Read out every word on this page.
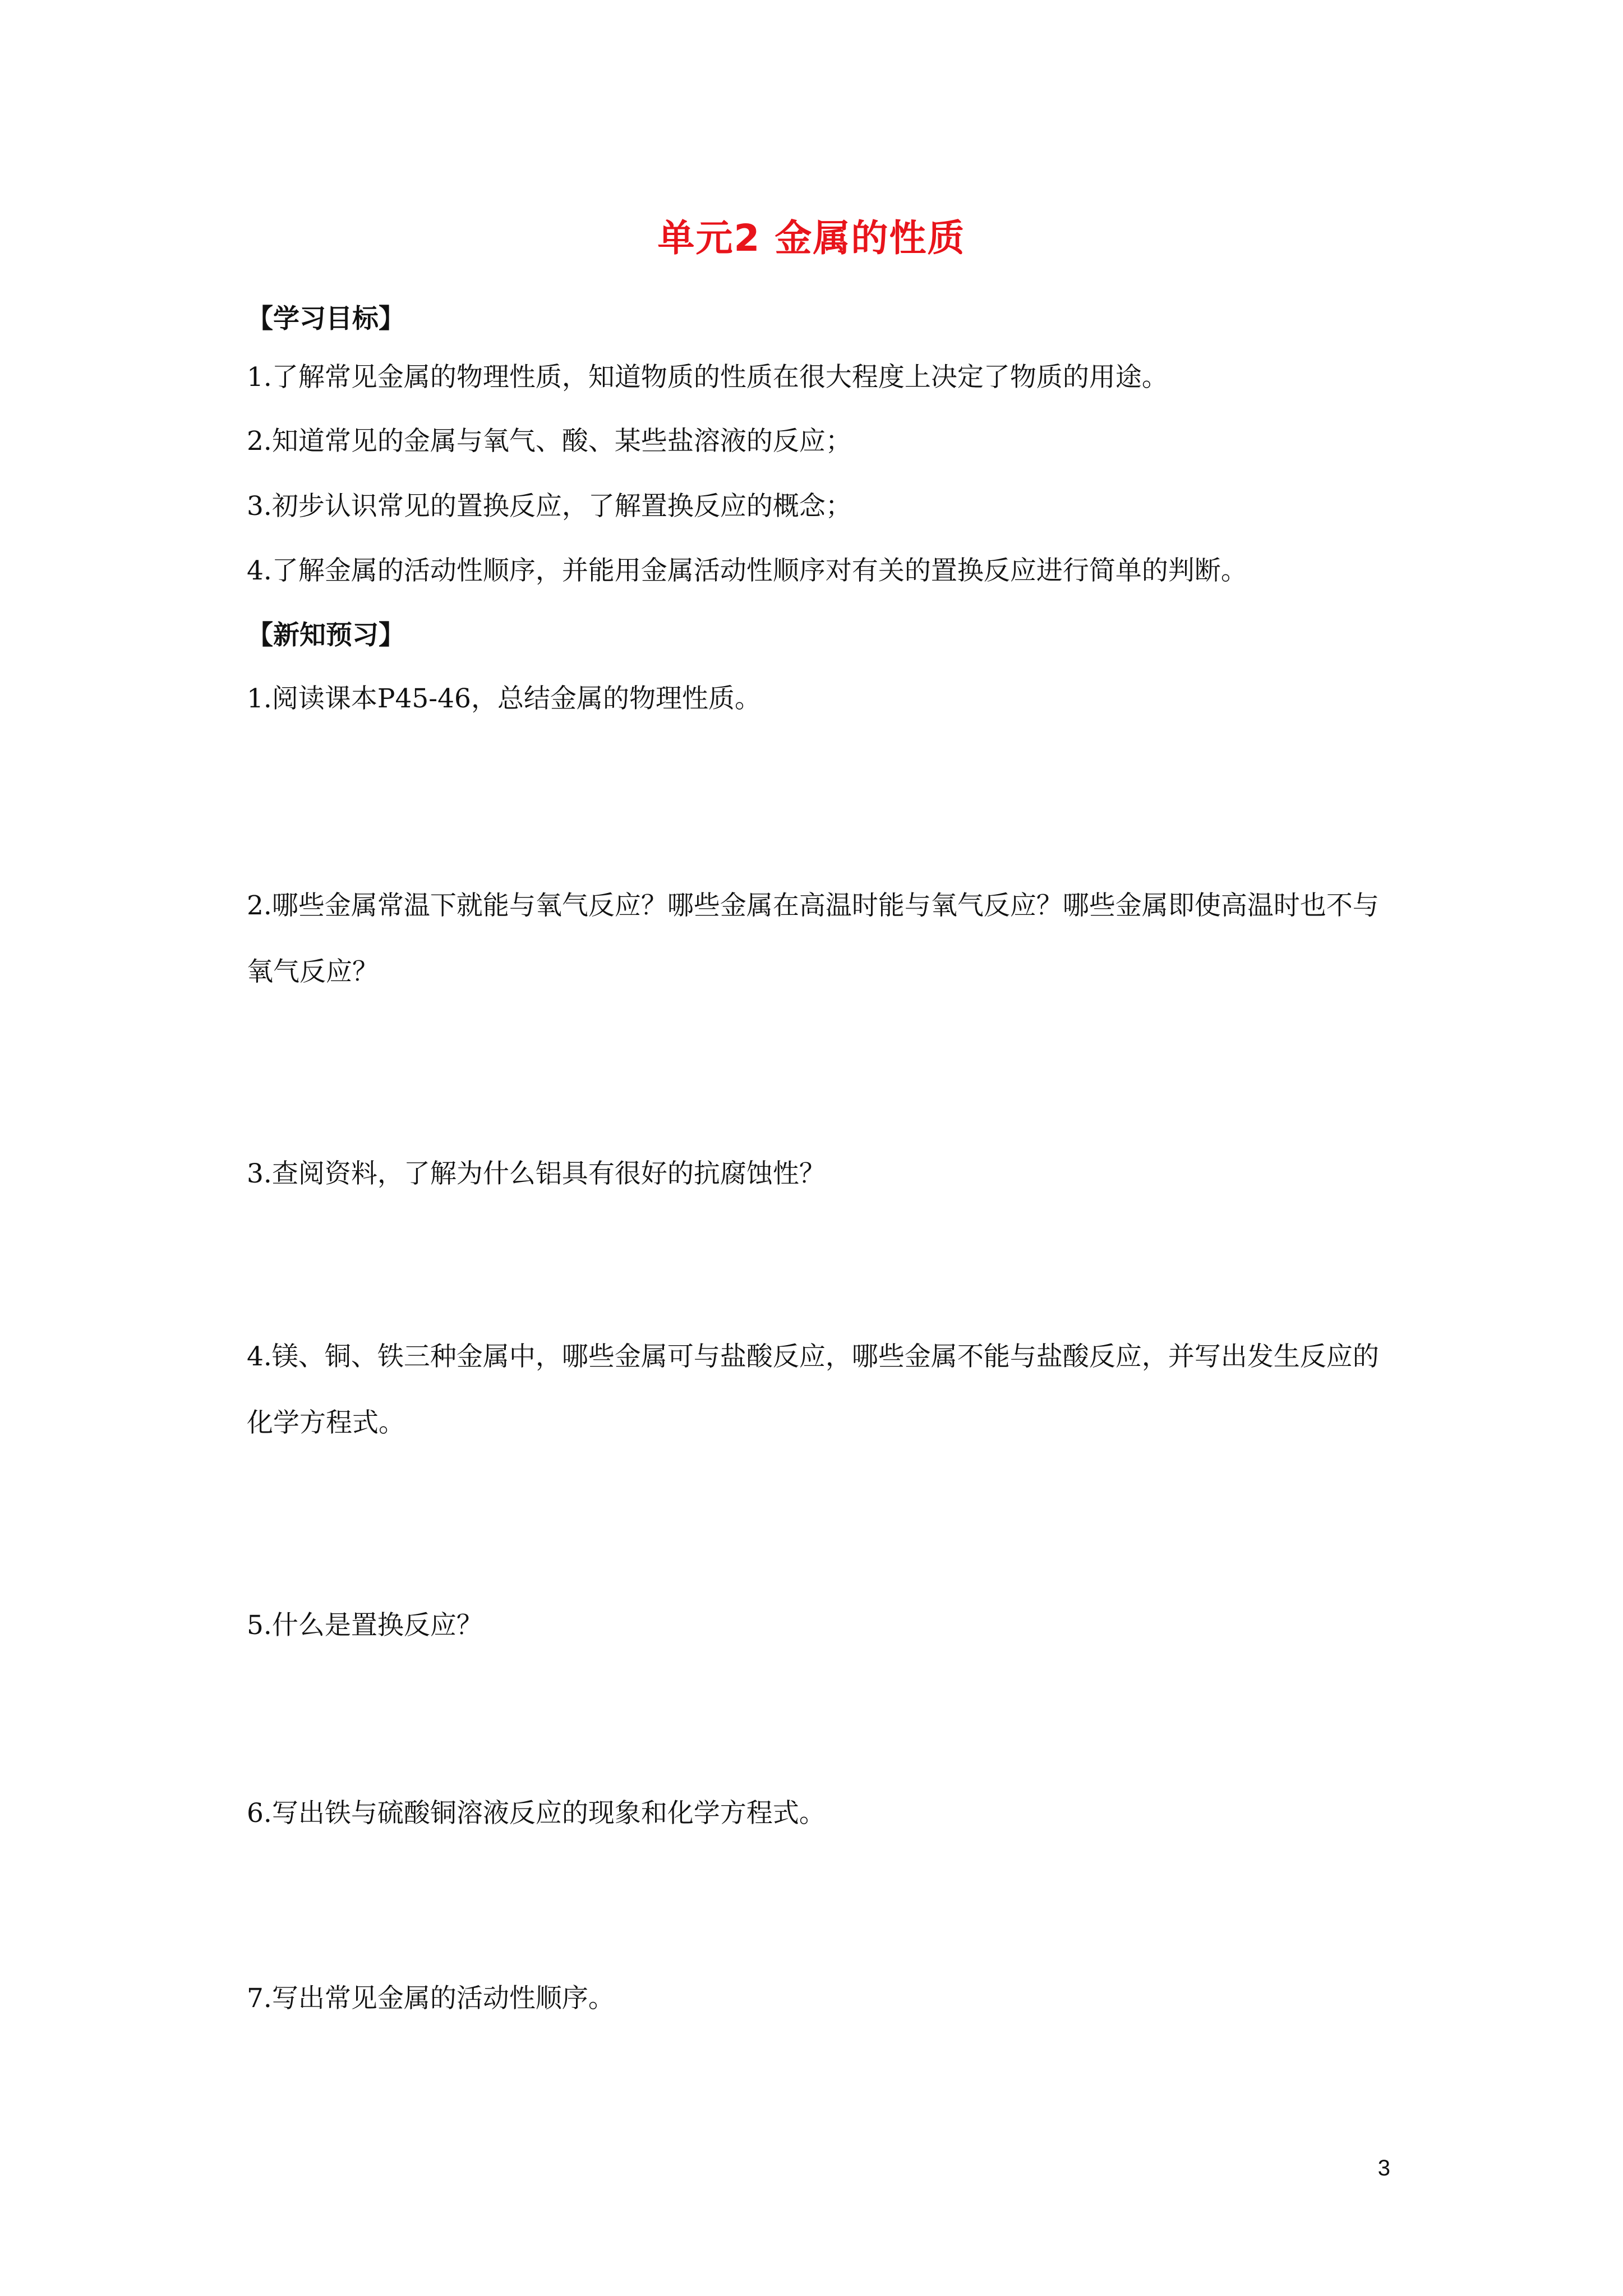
单元2 金属的性质
【学习目标】
1.了解常见金属的物理性质，知道物质的性质在很大程度上决定了物质的用途。
2.知道常见的金属与氧气、酸、某些盐溶液的反应；
3.初步认识常见的置换反应，了解置换反应的概念；
4.了解金属的活动性顺序，并能用金属活动性顺序对有关的置换反应进行简单的判断。
【新知预习】
1.阅读课本P45-46，总结金属的物理性质。
2.哪些金属常温下就能与氧气反应？哪些金属在高温时能与氧气反应？哪些金属即使高温时也不与氧气反应？
3.查阅资料，了解为什么铝具有很好的抗腐蚀性？
4.镁、铜、铁三种金属中，哪些金属可与盐酸反应，哪些金属不能与盐酸反应，并写出发生反应的化学方程式。
5.什么是置换反应？
6.写出铁与硫酸铜溶液反应的现象和化学方程式。
7.写出常见金属的活动性顺序。
3
